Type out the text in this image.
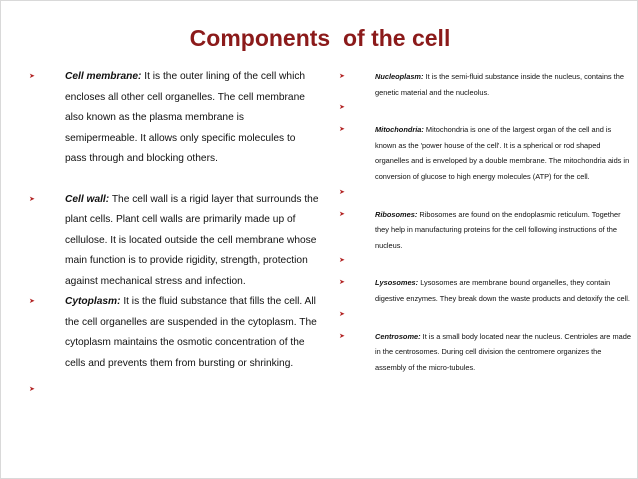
Components  of the cell
➤	Cell membrane: It is the outer lining of the cell which encloses all other cell organelles. The cell membrane also known as the plasma membrane is semipermeable. It allows only specific molecules to pass through and blocking others.
➤	Cell wall: The cell wall is a rigid layer that surrounds the plant cells. Plant cell walls are primarily made up of cellulose. It is located outside the cell membrane whose main function is to provide rigidity, strength, protection against mechanical stress and infection.
➤	Cytoplasm: It is the fluid substance that fills the cell. All the cell organelles are suspended in the cytoplasm. The cytoplasm maintains the osmotic concentration of the cells and prevents them from bursting or shrinking.
➤
➤	Nucleoplasm: It is the semi-fluid substance inside the nucleus, contains the genetic material and the nucleolus.
➤
➤	Mitochondria: Mitochondria is one of the largest organ of the cell and is known as the 'power house of the cell'. It is a spherical or rod shaped organelles and is enveloped by a double membrane. The mitochondria aids in conversion of glucose to high energy molecules (ATP) for the cell.
➤
➤	Ribosomes: Ribosomes are found on the endoplasmic reticulum. Together they help in manufacturing proteins for the cell following instructions of the nucleus.
➤
➤	Lysosomes: Lysosomes are membrane bound organelles, they contain digestive enzymes. They break down the waste products and detoxify the cell.
➤
➤	Centrosome: It is a small body located near the nucleus. Centrioles are made in the centrosomes. During cell division the centromere organizes the assembly of the micro-tubules.
